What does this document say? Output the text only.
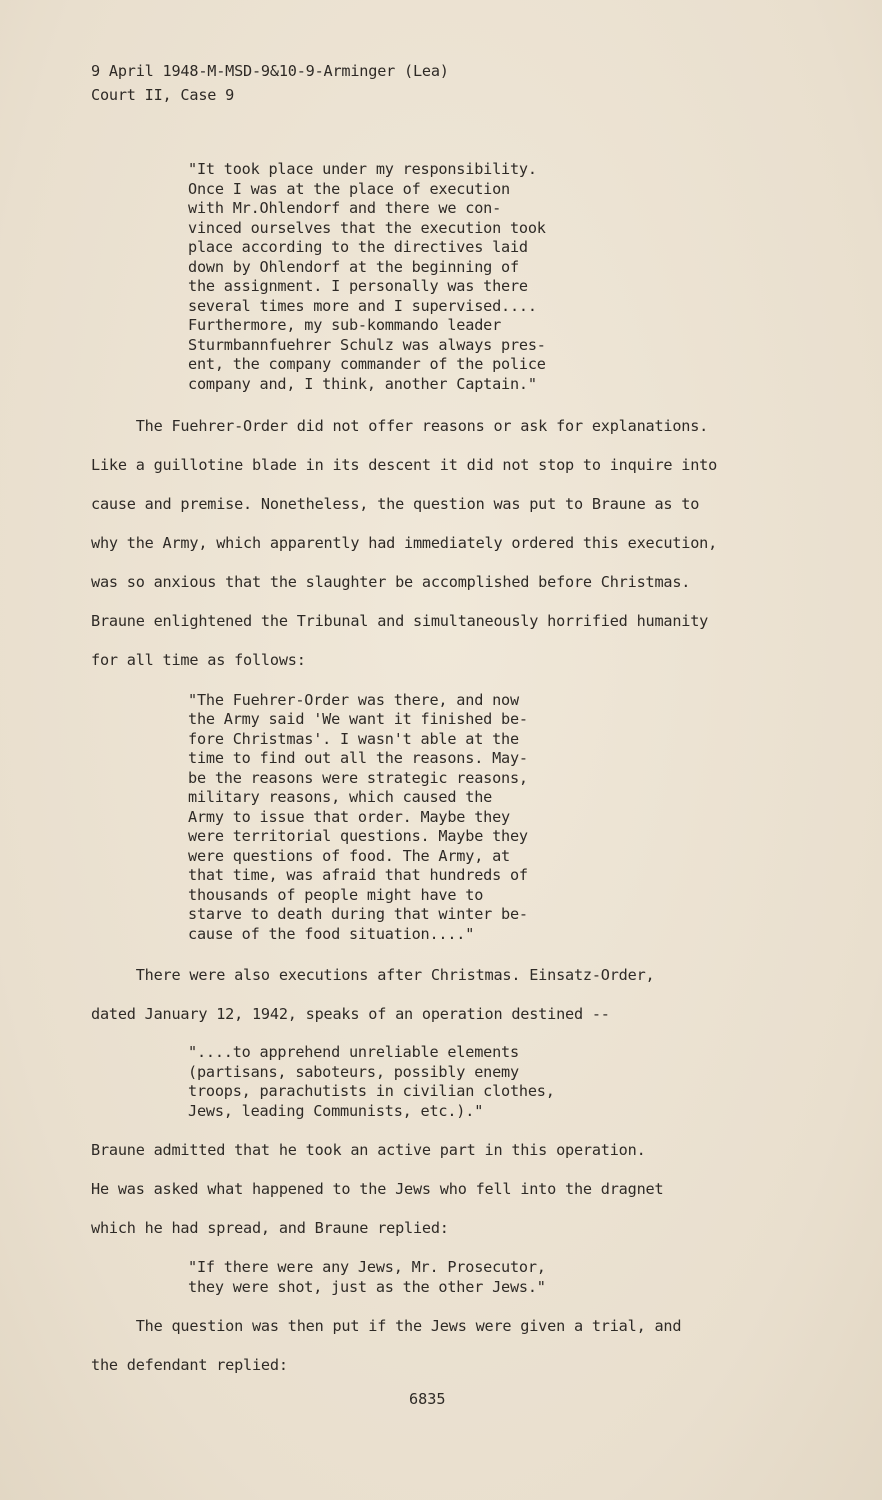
9 April 1948-M-MSD-9&10-9-Arminger (Lea)
Court II, Case 9
"It took place under my responsibility.
Once I was at the place of execution
with Mr.Ohlendorf and there we con-
vinced ourselves that the execution took
place according to the directives laid
down by Ohlendorf at the beginning of
the assignment. I personally was there
several times more and I supervised....
Furthermore, my sub-kommando leader
Sturmbannfuehrer Schulz was always pres-
ent, the company commander of the police
company and, I think, another Captain."
The Fuehrer-Order did not offer reasons or ask for explanations.
Like a guillotine blade in its descent it did not stop to inquire into
cause and premise. Nonetheless, the question was put to Braune as to
why the Army, which apparently had immediately ordered this execution,
was so anxious that the slaughter be accomplished before Christmas.
Braune enlightened the Tribunal and simultaneously horrified humanity
for all time as follows:
"The Fuehrer-Order was there, and now
the Army said 'We want it finished be-
fore Christmas'. I wasn't able at the
time to find out all the reasons. May-
be the reasons were strategic reasons,
military reasons, which caused the
Army to issue that order. Maybe they
were territorial questions. Maybe they
were questions of food. The Army, at
that time, was afraid that hundreds of
thousands of people might have to
starve to death during that winter be-
cause of the food situation...."
There were also executions after Christmas. Einsatz-Order,
dated January 12, 1942, speaks of an operation destined --
"....to apprehend unreliable elements
(partisans, saboteurs, possibly enemy
troops, parachutists in civilian clothes,
Jews, leading Communists, etc.)."
Braune admitted that he took an active part in this operation.
He was asked what happened to the Jews who fell into the dragnet
which he had spread, and Braune replied:
"If there were any Jews, Mr. Prosecutor,
they were shot, just as the other Jews."
The question was then put if the Jews were given a trial, and
the defendant replied:
6835
